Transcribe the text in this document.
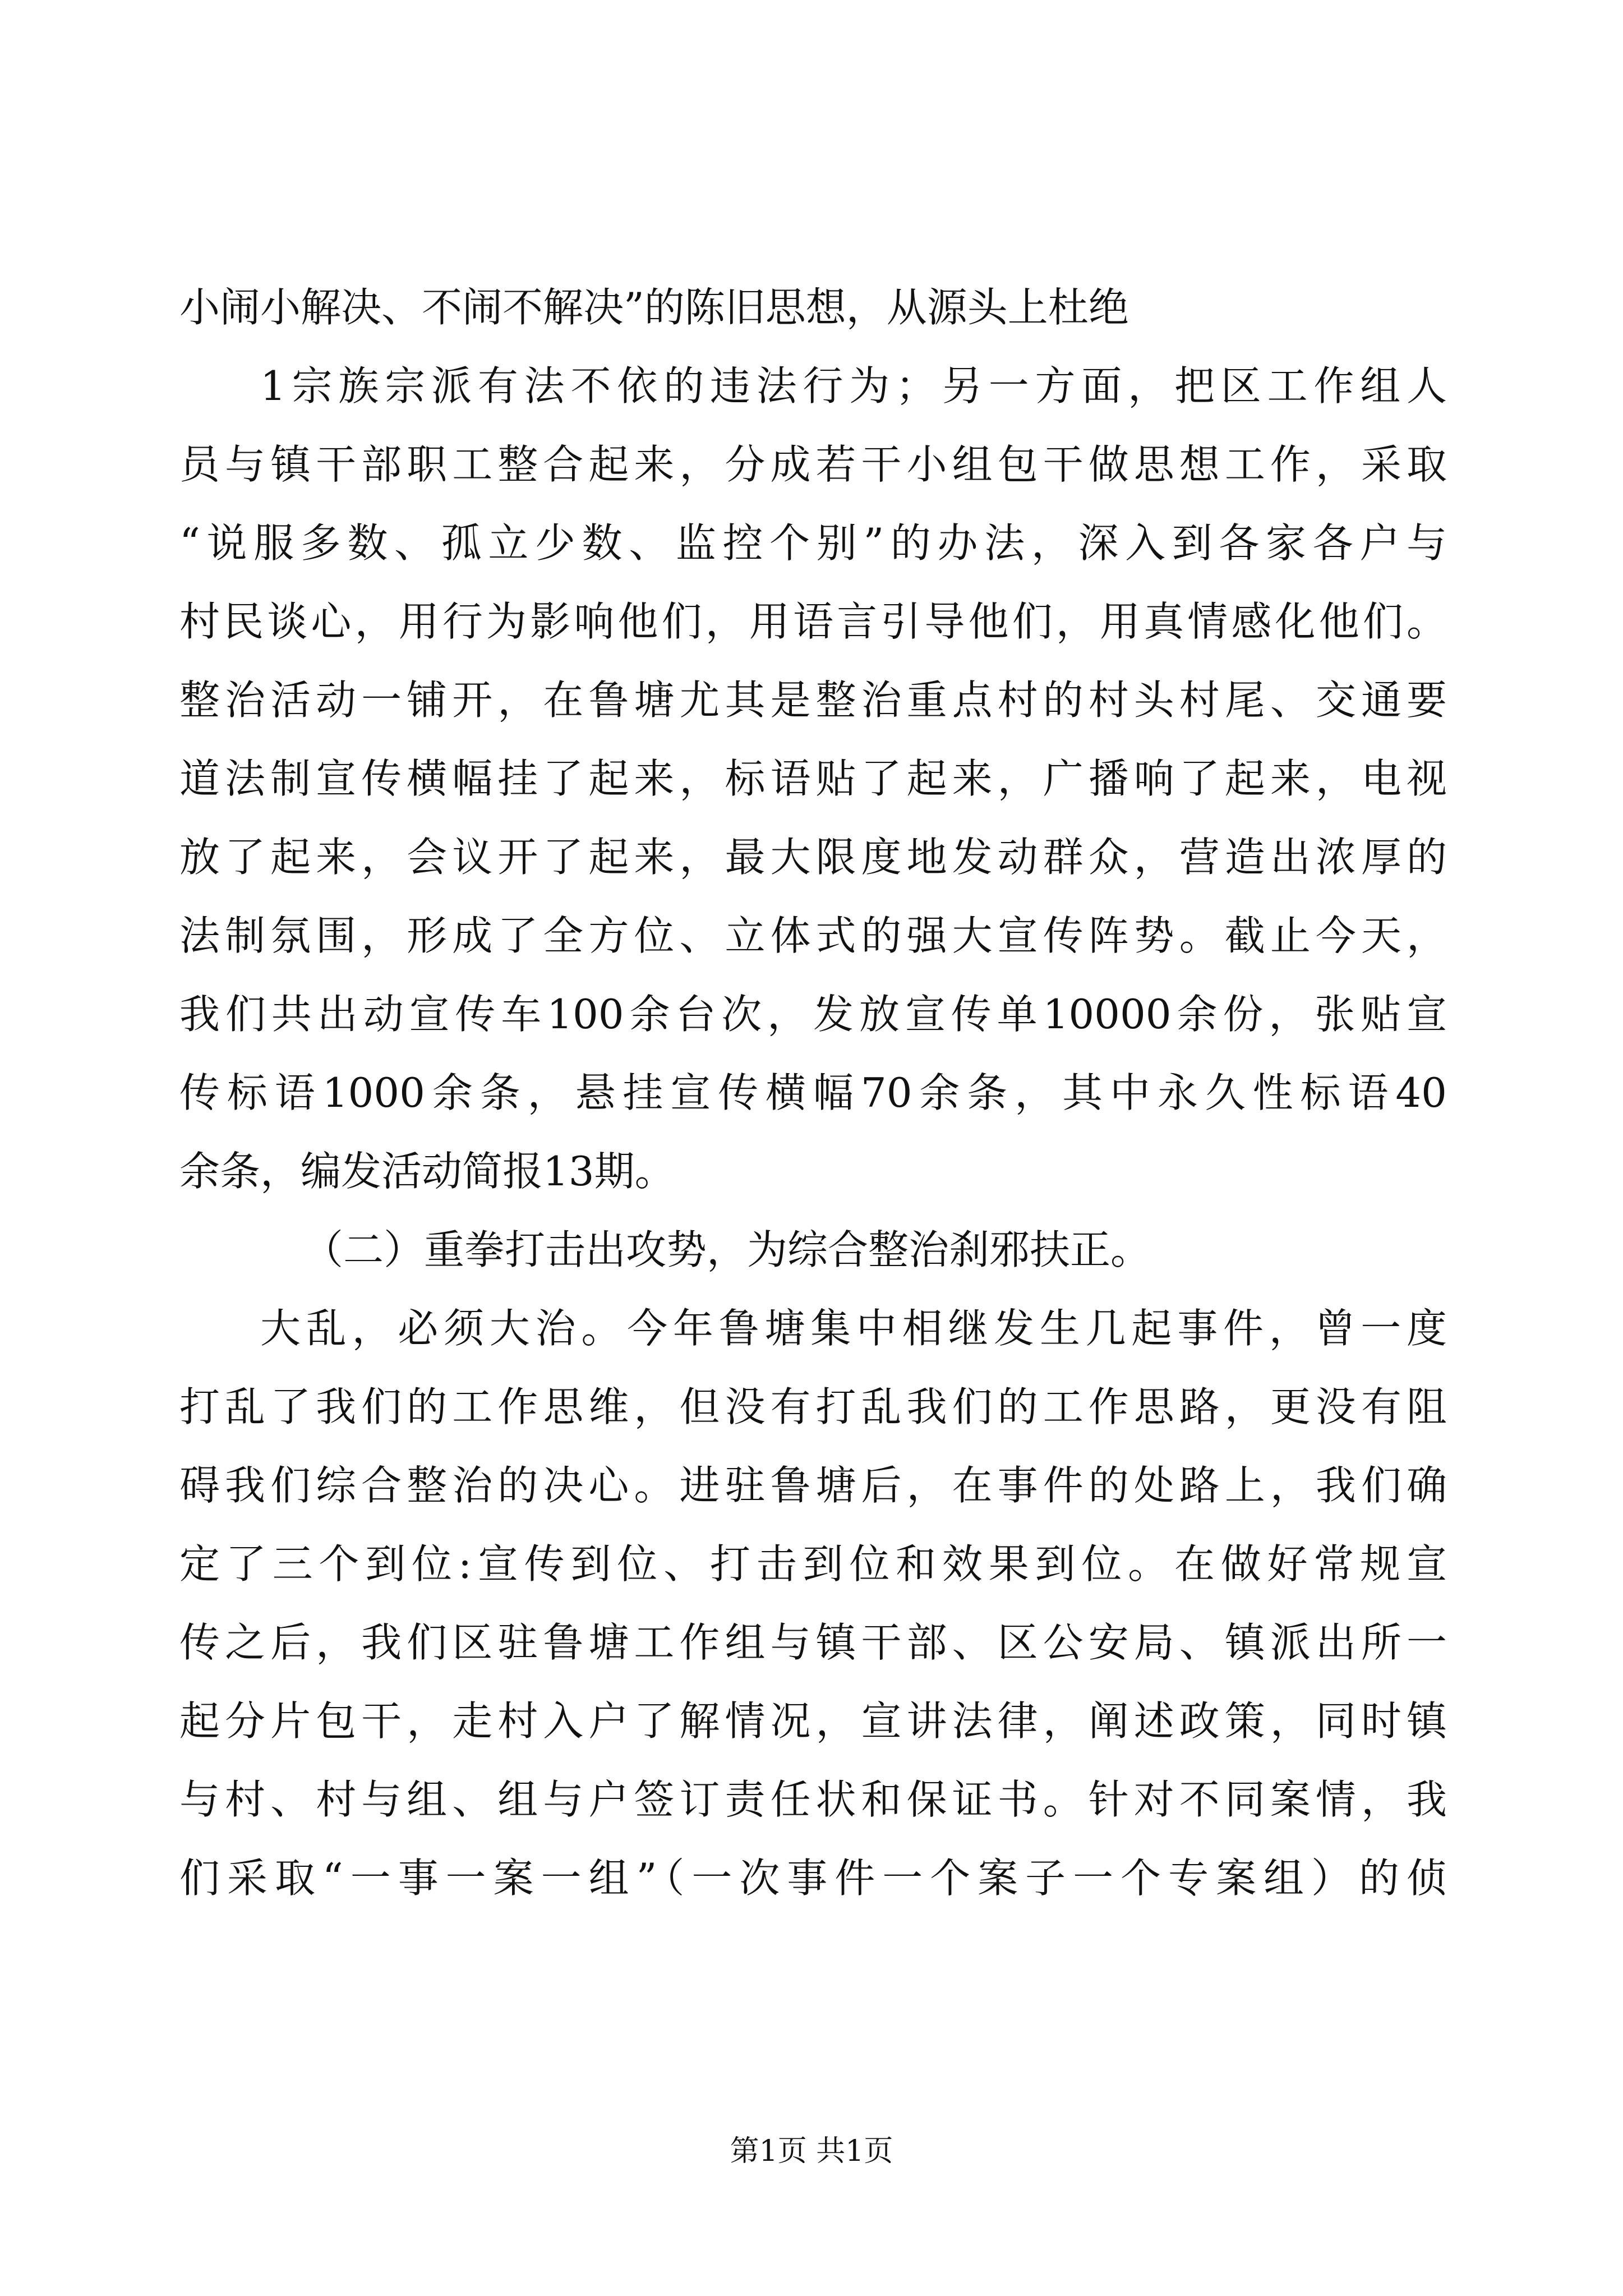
小闹小解决、不闹不解决”的陈旧思想，从源头上杜绝
1宗族宗派有法不依的违法行为；另一方面，把区工作组人
员与镇干部职工整合起来，分成若干小组包干做思想工作，采取
“说服多数、孤立少数、监控个别”的办法，深入到各家各户与
村民谈心，用行为影响他们，用语言引导他们，用真情感化他们。
整治活动一铺开，在鲁塘尤其是整治重点村的村头村尾、交通要
道法制宣传横幅挂了起来，标语贴了起来，广播响了起来，电视
放了起来，会议开了起来，最大限度地发动群众，营造出浓厚的
法制氛围，形成了全方位、立体式的强大宣传阵势。截止今天，
我们共出动宣传车100余台次，发放宣传单10000余份，张贴宣
传标语1000余条，悬挂宣传横幅70余条，其中永久性标语40
余条，编发活动简报13期。
（二）重拳打击出攻势，为综合整治刹邪扶正。
大乱，必须大治。今年鲁塘集中相继发生几起事件，曾一度
打乱了我们的工作思维，但没有打乱我们的工作思路，更没有阻
碍我们综合整治的决心。进驻鲁塘后，在事件的处路上，我们确
定了三个到位:宣传到位、打击到位和效果到位。在做好常规宣
传之后，我们区驻鲁塘工作组与镇干部、区公安局、镇派出所一
起分片包干，走村入户了解情况，宣讲法律，阐述政策，同时镇
与村、村与组、组与户签订责任状和保证书。针对不同案情，我
们采取“一事一案一组”（一次事件一个案子一个专案组）的侦
第1页 共1页
